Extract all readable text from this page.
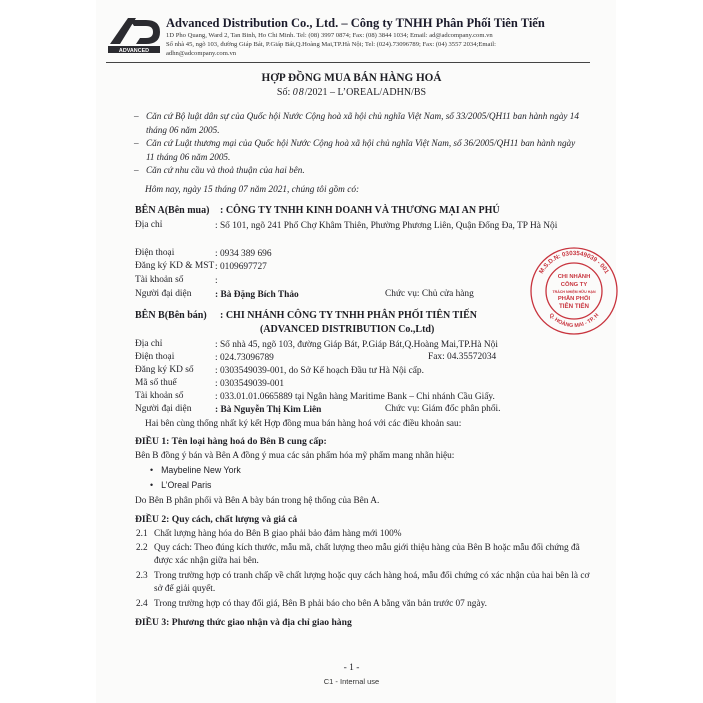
ADVANCED
Advanced Distribution Co., Ltd. – Công ty TNHH Phân Phối Tiên Tiến
1D Pho Quang, Ward 2, Tan Binh, Ho Chi Minh. Tel: (08) 3997 0874; Fax: (08) 3844 1034; Email: ad@adcompany.com.vn
Số nhà 45, ngõ 103, đường Giáp Bát, P.Giáp Bát,Q.Hoàng Mai,TP.Hà Nội; Tel: (024).73096789; Fax: (04) 3557 2034;Email:
adhn@adcompany.com.vn
HỢP ĐỒNG MUA BÁN HÀNG HOÁ
Số: 08/2021 – L’OREAL/ADHN/BS
– Căn cứ Bộ luật dân sự của Quốc hội Nước Cộng hoà xã hội chủ nghĩa Việt Nam, số 33/2005/QH11 ban hành ngày 14 tháng 06 năm 2005.
– Căn cứ Luật thương mại của Quốc hội Nước Cộng hoà xã hội chủ nghĩa Việt Nam, số 36/2005/QH11 ban hành ngày 11 tháng 06 năm 2005.
– Căn cứ nhu cầu và thoả thuận của hai bên.
Hôm nay, ngày 15 tháng 07 năm 2021, chúng tôi gồm có:
BÊN A(Bên mua) : CÔNG TY TNHH KINH DOANH VÀ THƯƠNG MẠI AN PHÚ
Địa chỉ	: Số 101, ngõ 241 Phố Chợ Khâm Thiên, Phường Phương Liên, Quận Đống Đa, TP Hà Nội
Điện thoại	: 0934 389 696
Đăng ký KD & MST : 0109697727
Tài khoản số	:
Người đại diện	: Bà Đặng Bích Thảo	Chức vụ: Chủ cửa hàng
BÊN B(Bên bán) : CHI NHÁNH CÔNG TY TNHH PHÂN PHỐI TIÊN TIẾN
(ADVANCED DISTRIBUTION Co.,Ltd)
Địa chỉ	: Số nhà 45, ngõ 103, đường Giáp Bát, P.Giáp Bát,Q.Hoàng Mai,TP.Hà Nội
Điện thoại	: 024.73096789	Fax: 04.35572034
Đăng ký KD số : 0303549039-001, do Sở Kế hoạch Đầu tư Hà Nội cấp.
Mã số thuế	: 0303549039-001
Tài khoản số	: 033.01.01.0665889 tại Ngân hàng Maritime Bank – Chi nhánh Cầu Giấy.
Người đại diện	: Bà Nguyễn Thị Kim Liên	Chức vụ: Giám đốc phân phối.
Hai bên cùng thống nhất ký kết Hợp đồng mua bán hàng hoá với các điều khoản sau:
ĐIỀU 1: Tên loại hàng hoá do Bên B cung cấp:
Bên B đồng ý bán và Bên A đồng ý mua các sản phẩm hóa mỹ phẩm mang nhãn hiệu:
• Maybeline New York
• L’Oreal Paris
Do Bên B phân phối và Bên A bày bán trong hệ thống của Bên A.
ĐIỀU 2: Quy cách, chất lượng và giá cả
2.1 Chất lượng hàng hóa do Bên B giao phải bảo đảm hàng mới 100%
2.2 Quy cách: Theo đúng kích thước, mẫu mã, chất lượng theo mẫu giới thiệu hàng của Bên B hoặc mẫu đối chứng đã được xác nhận giữa hai bên.
2.3 Trong trường hợp có tranh chấp về chất lượng hoặc quy cách hàng hoá, mẫu đối chứng có xác nhận của hai bên là cơ sở để giải quyết.
2.4 Trong trường hợp có thay đổi giá, Bên B phải báo cho bên A bằng văn bản trước 07 ngày.
ĐIỀU 3: Phương thức giao nhận và địa chỉ giao hàng
- 1 -
C1 - Internal use
M.S.D.N: 0303549039 - 001
CHI NHÁNH
CÔNG TY
TRÁCH NHIỆM HỮU HẠN
PHÂN PHỐI
TIÊN TIẾN
Q. HOÀNG MAI - TP. H
